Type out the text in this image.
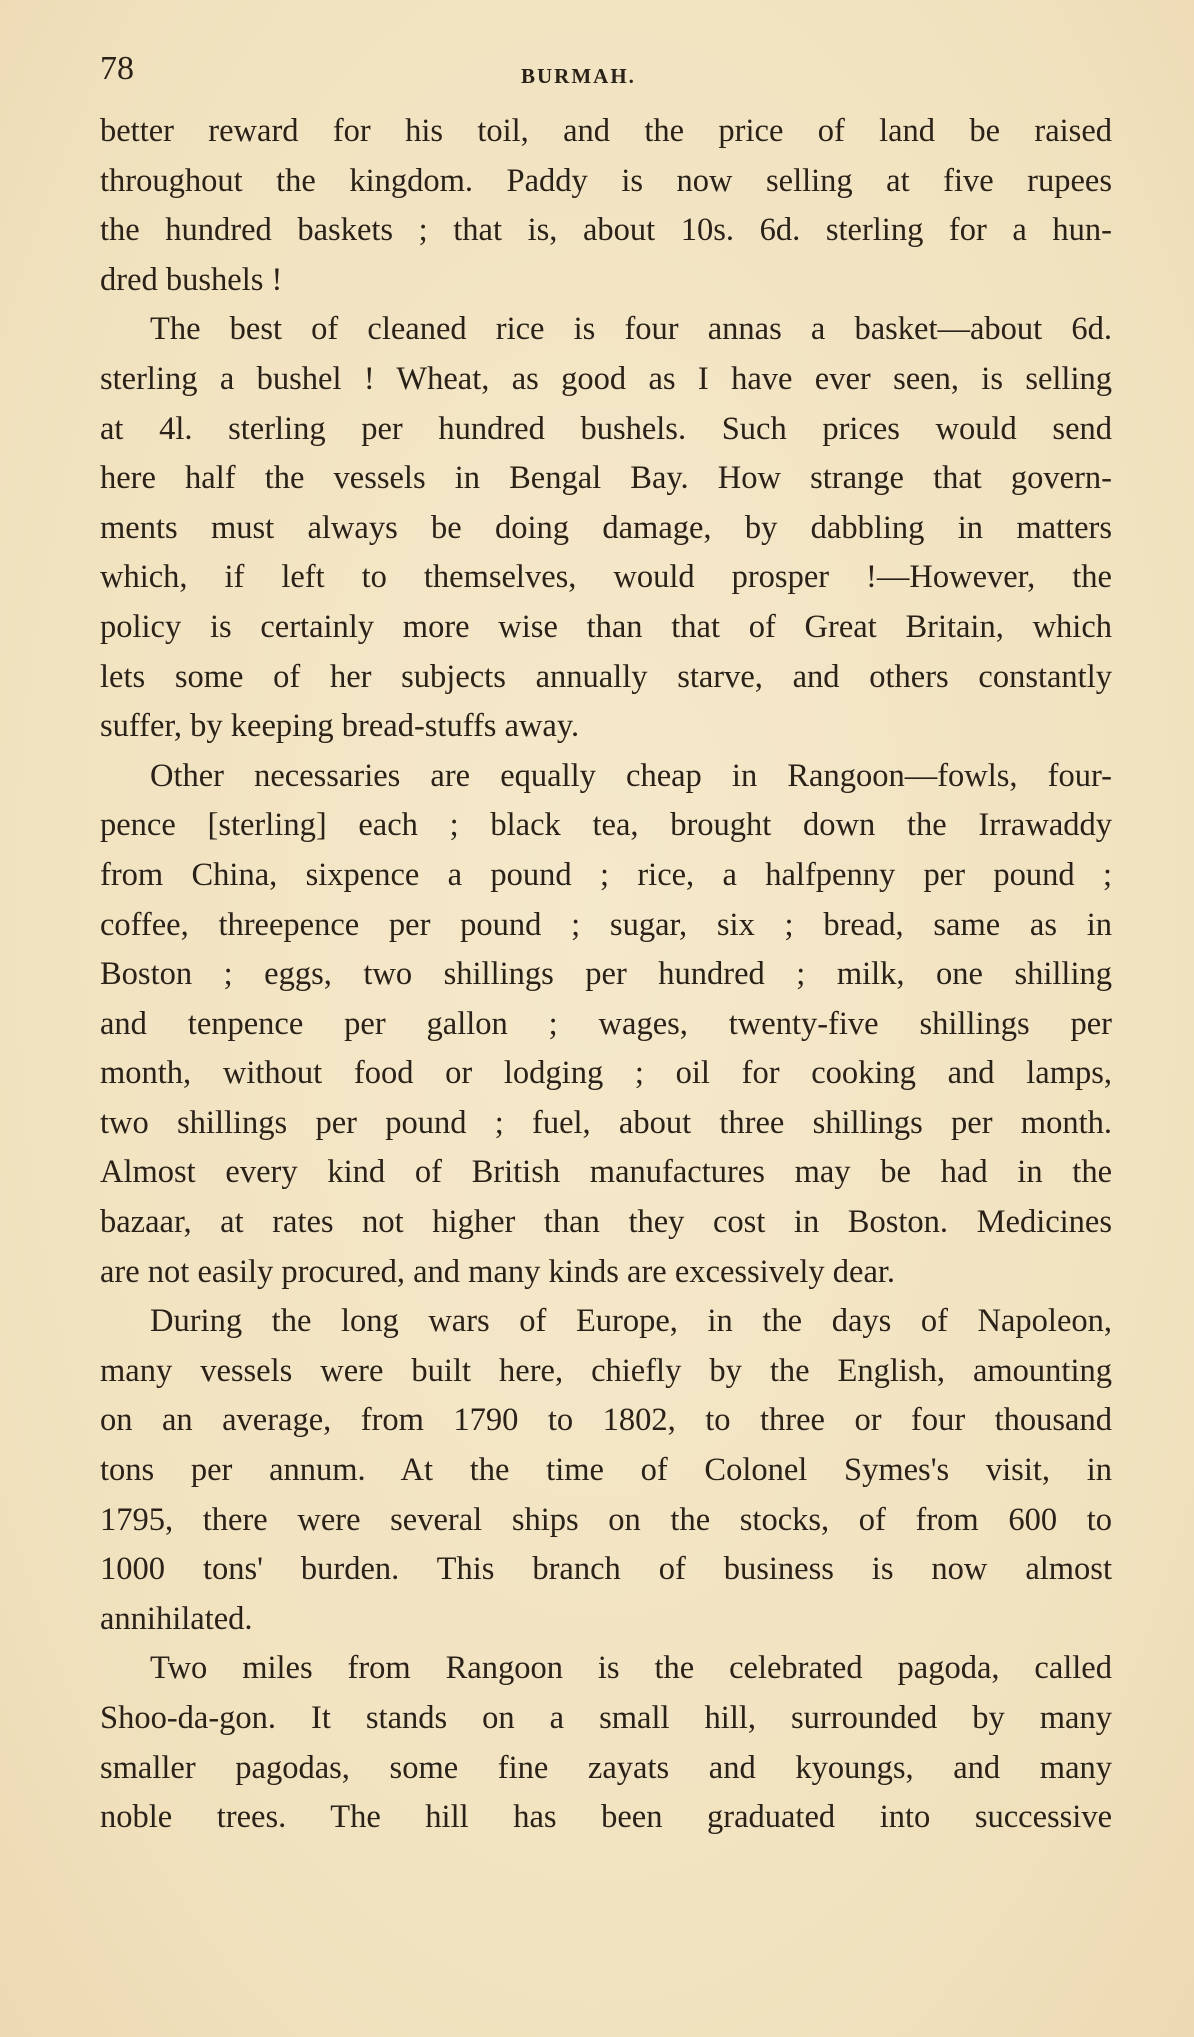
78	BURMAH.
better reward for his toil, and the price of land be raised
throughout the kingdom. Paddy is now selling at five rupees
the hundred baskets ; that is, about 10s. 6d. sterling for a hun-
dred bushels !
The best of cleaned rice is four annas a basket—about 6d.
sterling a bushel ! Wheat, as good as I have ever seen, is selling
at 4l. sterling per hundred bushels. Such prices would send
here half the vessels in Bengal Bay. How strange that govern-
ments must always be doing damage, by dabbling in matters
which, if left to themselves, would prosper !—However, the
policy is certainly more wise than that of Great Britain, which
lets some of her subjects annually starve, and others constantly
suffer, by keeping bread-stuffs away.
Other necessaries are equally cheap in Rangoon—fowls, four-
pence [sterling] each ; black tea, brought down the Irrawaddy
from China, sixpence a pound ; rice, a halfpenny per pound ;
coffee, threepence per pound ; sugar, six ; bread, same as in
Boston ; eggs, two shillings per hundred ; milk, one shilling
and tenpence per gallon ; wages, twenty-five shillings per
month, without food or lodging ; oil for cooking and lamps,
two shillings per pound ; fuel, about three shillings per month.
Almost every kind of British manufactures may be had in the
bazaar, at rates not higher than they cost in Boston. Medicines
are not easily procured, and many kinds are excessively dear.
During the long wars of Europe, in the days of Napoleon,
many vessels were built here, chiefly by the English, amounting
on an average, from 1790 to 1802, to three or four thousand
tons per annum. At the time of Colonel Symes's visit, in
1795, there were several ships on the stocks, of from 600 to
1000 tons' burden. This branch of business is now almost
annihilated.
Two miles from Rangoon is the celebrated pagoda, called
Shoo-da-gon. It stands on a small hill, surrounded by many
smaller pagodas, some fine zayats and kyoungs, and many
noble trees. The hill has been graduated into successive
